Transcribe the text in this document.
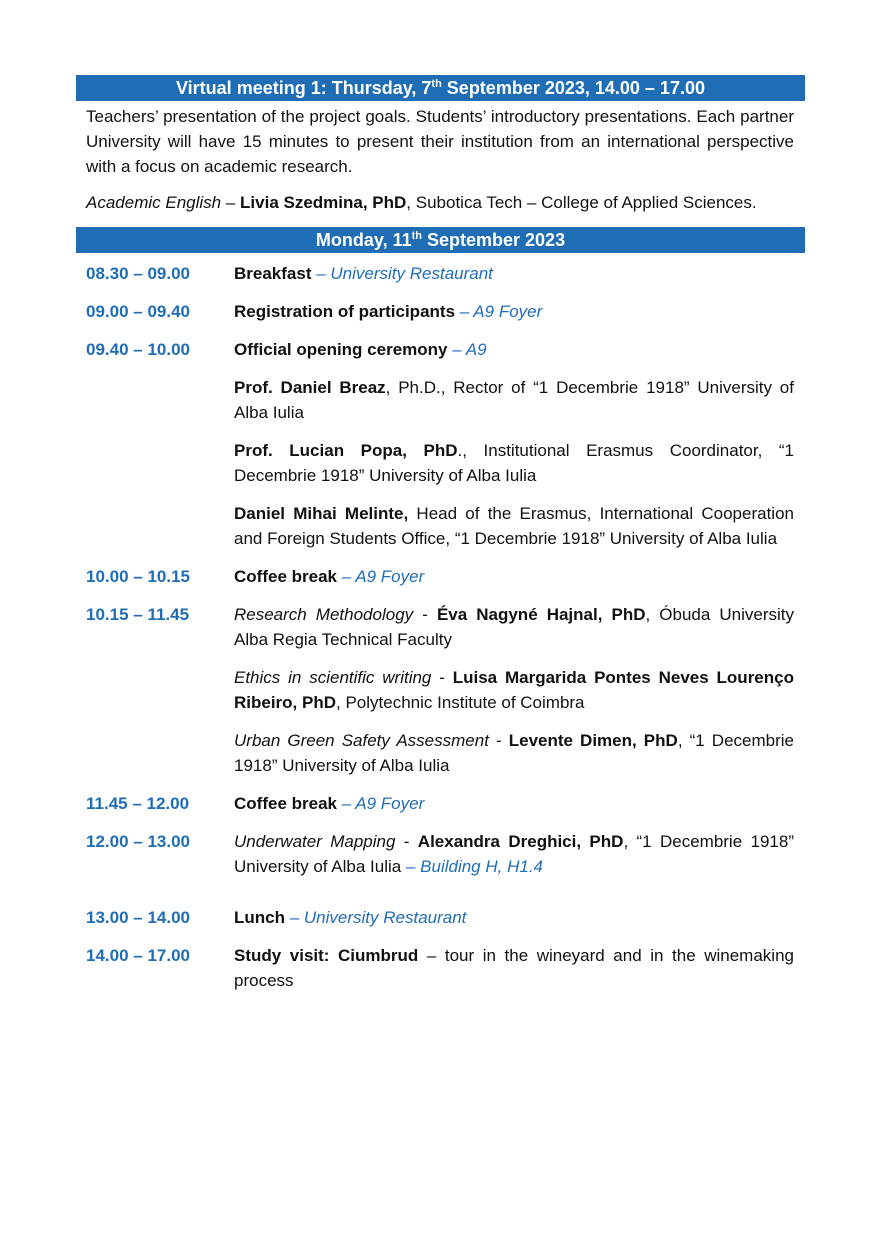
Virtual meeting 1: Thursday, 7th September 2023, 14.00 – 17.00

Teachers’ presentation of the project goals. Students’ introductory presentations. Each partner University will have 15 minutes to present their institution from an international perspective with a focus on academic research.

Academic English – Livia Szedmina, PhD, Subotica Tech – College of Applied Sciences.

Monday, 11th September 2023
08.30 – 09.00	Breakfast – University Restaurant
09.00 – 09.40	Registration of participants – A9 Foyer
09.40 – 10.00	Official opening ceremony – A9
Prof. Daniel Breaz, Ph.D., Rector of “1 Decembrie 1918” University of Alba Iulia
Prof. Lucian Popa, PhD., Institutional Erasmus Coordinator, “1 Decembrie 1918” University of Alba Iulia
Daniel Mihai Melinte, Head of the Erasmus, International Cooperation and Foreign Students Office, “1 Decembrie 1918” University of Alba Iulia
10.00 – 10.15	Coffee break – A9 Foyer
10.15 – 11.45	Research Methodology - Éva Nagyné Hajnal, PhD, Óbuda University Alba Regia Technical Faculty
Ethics in scientific writing - Luisa Margarida Pontes Neves Lourenço Ribeiro, PhD, Polytechnic Institute of Coimbra
Urban Green Safety Assessment - Levente Dimen, PhD, “1 Decembrie 1918” University of Alba Iulia
11.45 – 12.00	Coffee break – A9 Foyer
12.00 – 13.00	Underwater Mapping - Alexandra Dreghici, PhD, “1 Decembrie 1918” University of Alba Iulia – Building H, H1.4
13.00 – 14.00	Lunch – University Restaurant
14.00 – 17.00	Study visit: Ciumbrud – tour in the wineyard and in the winemaking process
